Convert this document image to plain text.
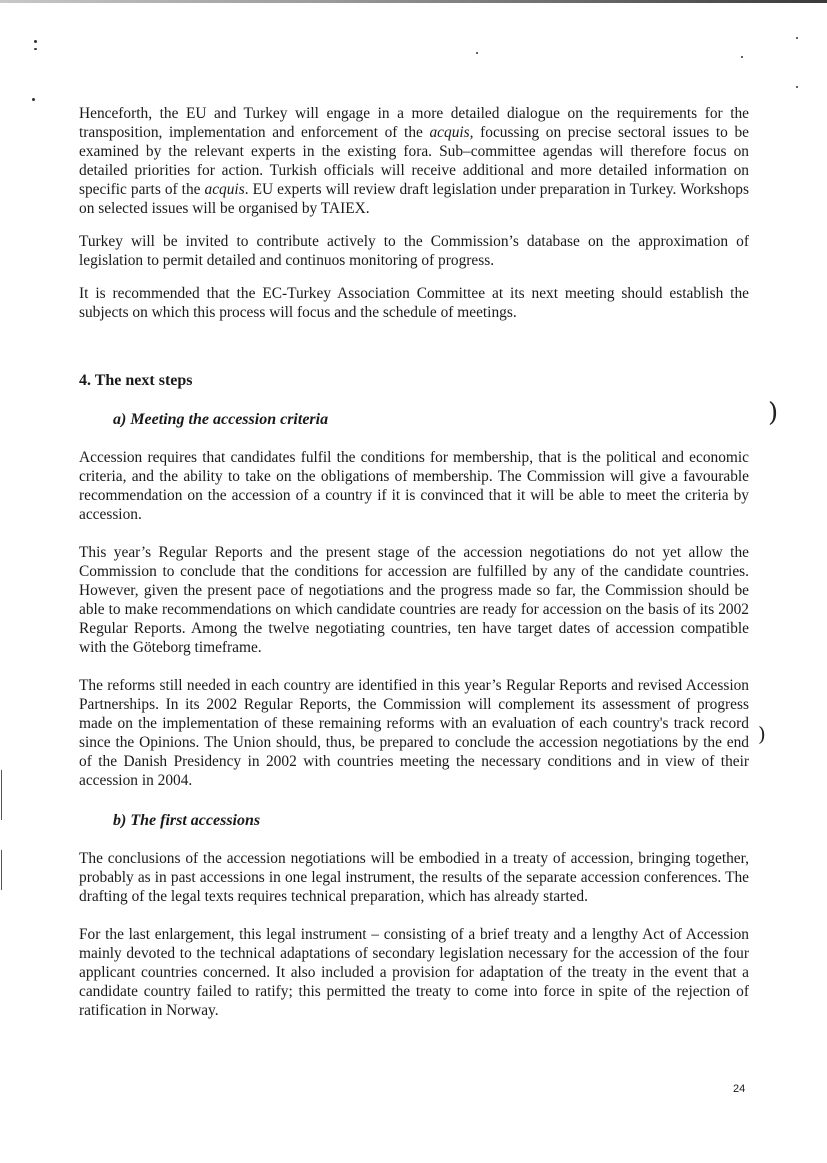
)
)

Henceforth, the EU and Turkey will engage in a more detailed dialogue on the requirements for the transposition, implementation and enforcement of the acquis, focussing on precise sectoral issues to be examined by the relevant experts in the existing fora. Sub–committee agendas will therefore focus on detailed priorities for action. Turkish officials will receive additional and more detailed information on specific parts of the acquis. EU experts will review draft legislation under preparation in Turkey. Workshops on selected issues will be organised by TAIEX.

Turkey will be invited to contribute actively to the Commission’s database on the approximation of legislation to permit detailed and continuos monitoring of progress.

It is recommended that the EC-Turkey Association Committee at its next meeting should establish the subjects on which this process will focus and the schedule of meetings.

4. The next steps
a) Meeting the accession criteria

Accession requires that candidates fulfil the conditions for membership, that is the political and economic criteria, and the ability to take on the obligations of membership. The Commission will give a favourable recommendation on the accession of a country if it is convinced that it will be able to meet the criteria by accession.

This year’s Regular Reports and the present stage of the accession negotiations do not yet allow the Commission to conclude that the conditions for accession are fulfilled by any of the candidate countries. However, given the present pace of negotiations and the progress made so far, the Commission should be able to make recommendations on which candidate countries are ready for accession on the basis of its 2002 Regular Reports. Among the twelve negotiating countries, ten have target dates of accession compatible with the Göteborg timeframe.

The reforms still needed in each country are identified in this year’s Regular Reports and revised Accession Partnerships. In its 2002 Regular Reports, the Commission will complement its assessment of progress made on the implementation of these remaining reforms with an evaluation of each country's track record since the Opinions. The Union should, thus, be prepared to conclude the accession negotiations by the end of the Danish Presidency in 2002 with countries meeting the necessary conditions and in view of their accession in 2004.

b) The first accessions

The conclusions of the accession negotiations will be embodied in a treaty of accession, bringing together, probably as in past accessions in one legal instrument, the results of the separate accession conferences. The drafting of the legal texts requires technical preparation, which has already started.

For the last enlargement, this legal instrument – consisting of a brief treaty and a lengthy Act of Accession mainly devoted to the technical adaptations of secondary legislation necessary for the accession of the four applicant countries concerned. It also included a provision for adaptation of the treaty in the event that a candidate country failed to ratify; this permitted the treaty to come into force in spite of the rejection of ratification in Norway.

24
